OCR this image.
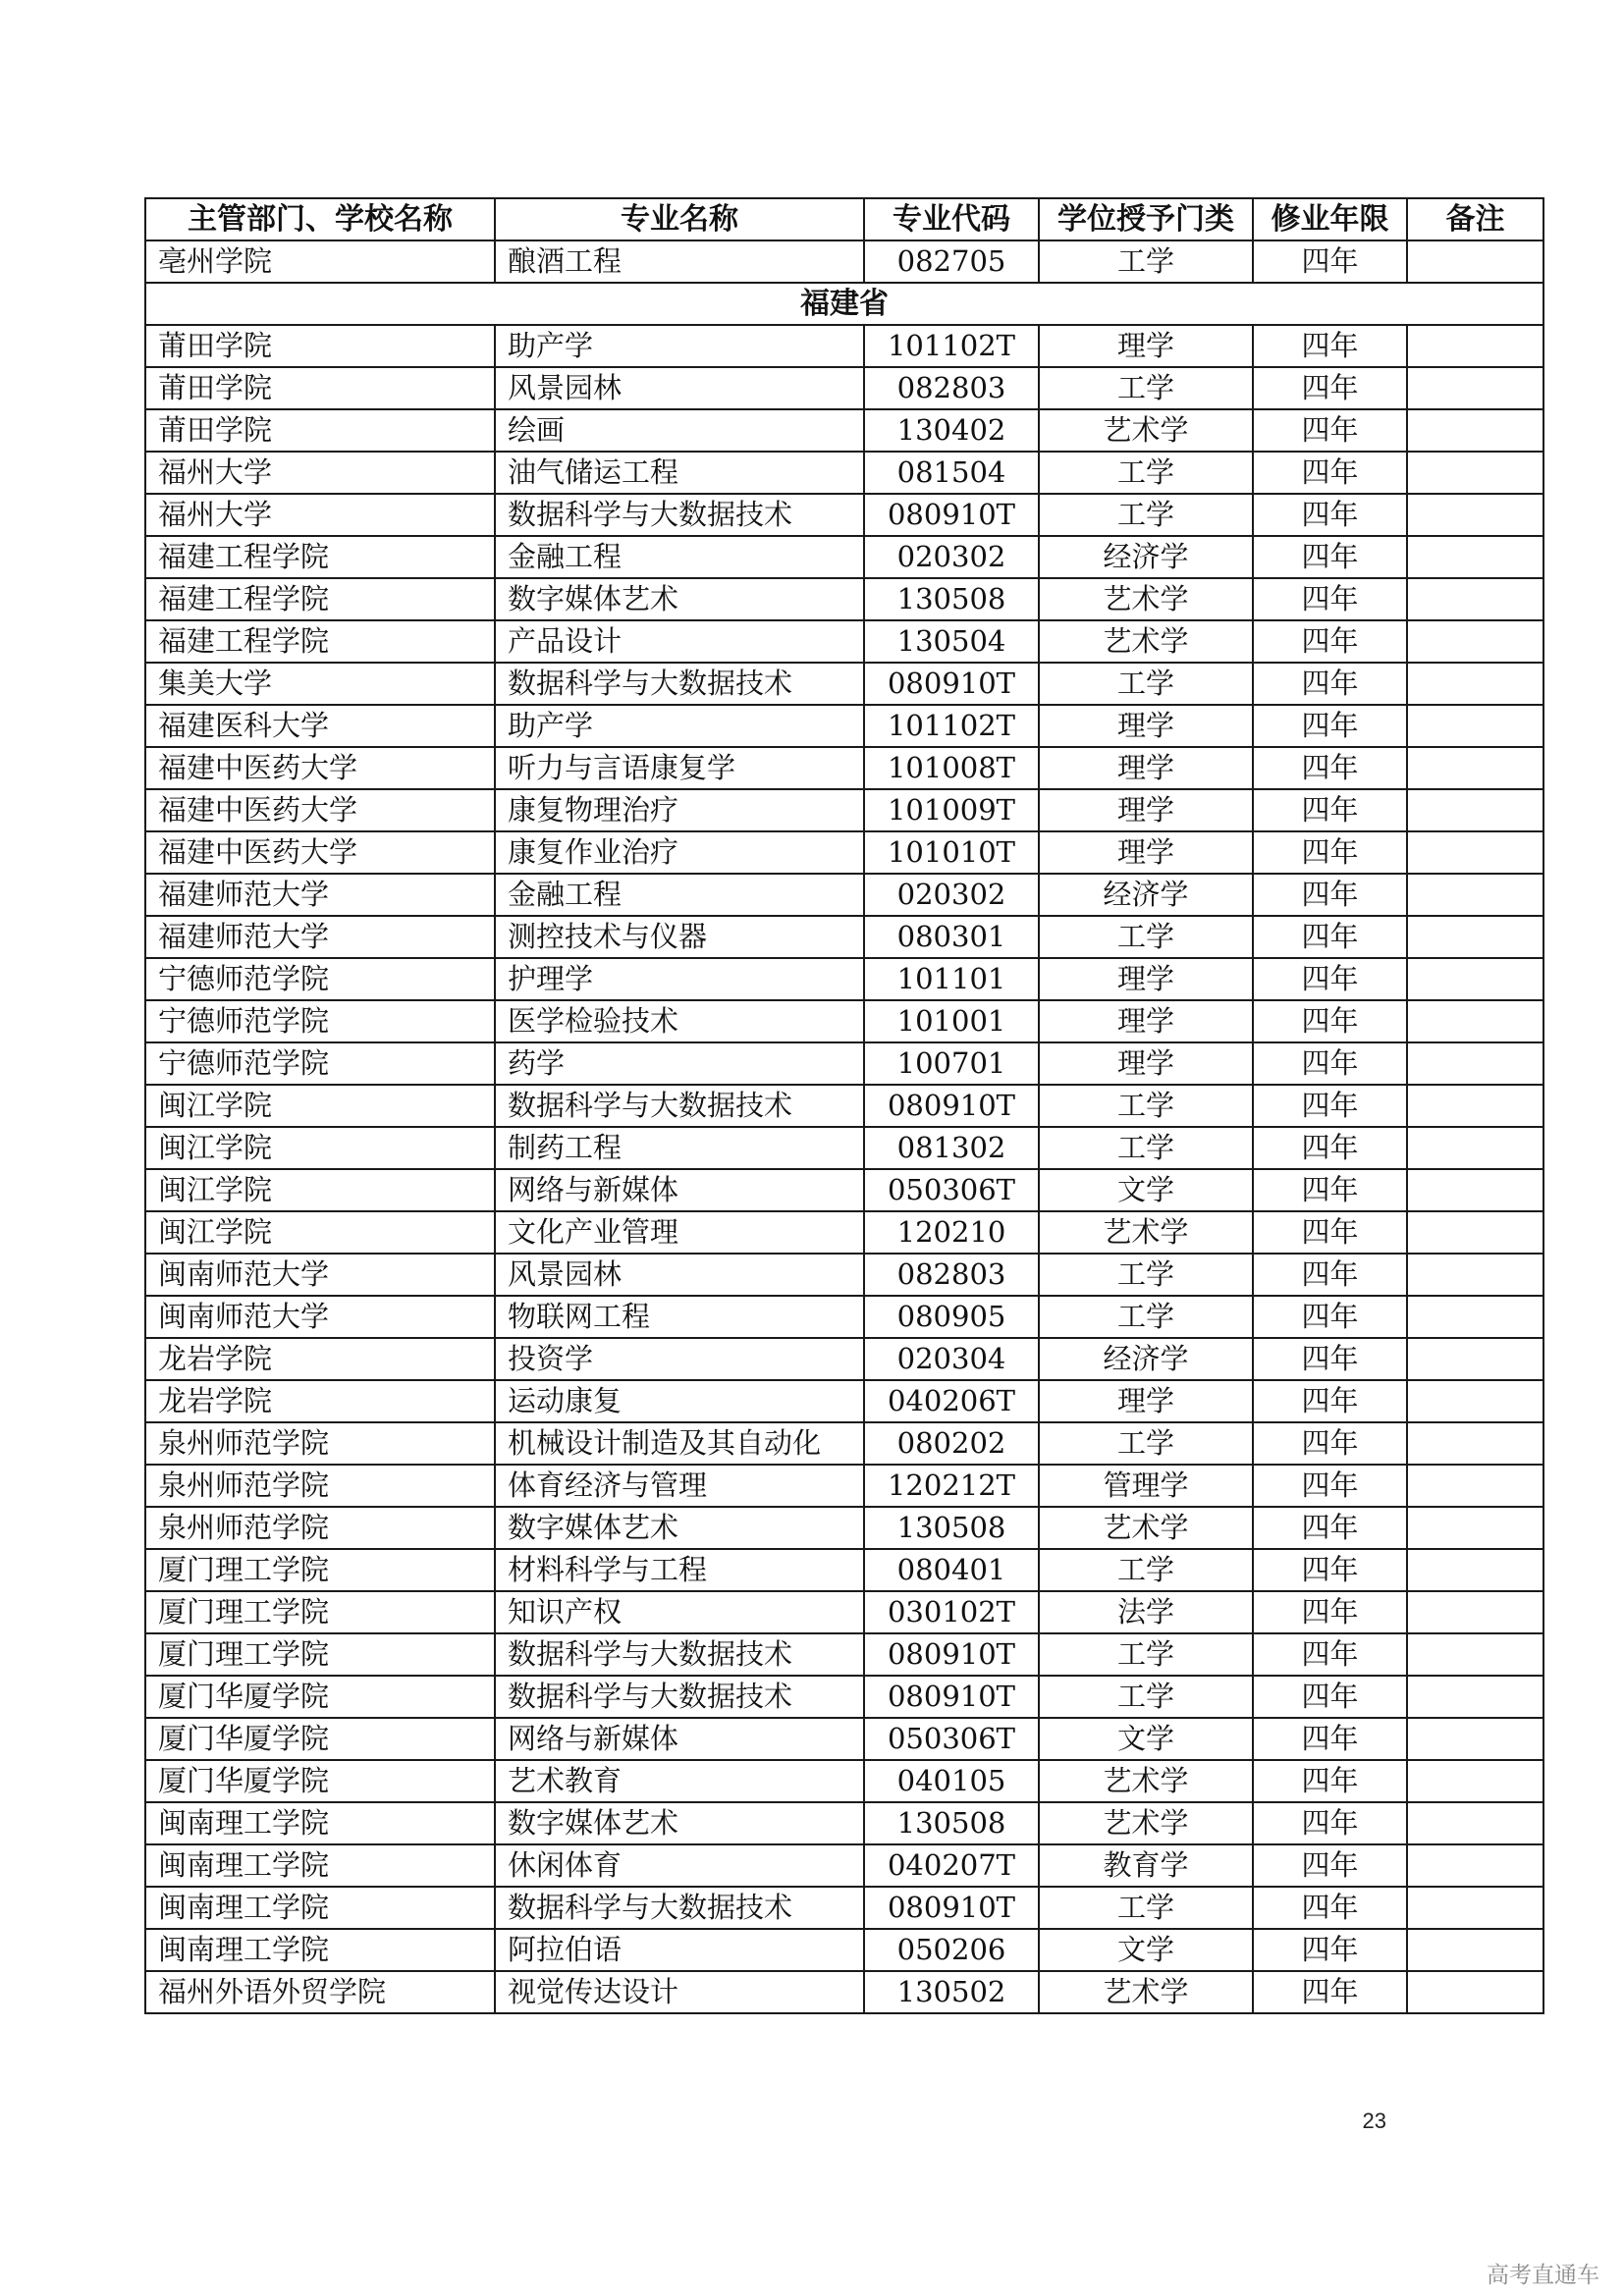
主管部门、学校名称	专业名称	专业代码	学位授予门类	修业年限	备注
亳州学院	酿酒工程	082705	工学	四年	
福建省					
莆田学院	助产学	101102T	理学	四年	
莆田学院	风景园林	082803	工学	四年	
莆田学院	绘画	130402	艺术学	四年	
福州大学	油气储运工程	081504	工学	四年	
福州大学	数据科学与大数据技术	080910T	工学	四年	
福建工程学院	金融工程	020302	经济学	四年	
福建工程学院	数字媒体艺术	130508	艺术学	四年	
福建工程学院	产品设计	130504	艺术学	四年	
集美大学	数据科学与大数据技术	080910T	工学	四年	
福建医科大学	助产学	101102T	理学	四年	
福建中医药大学	听力与言语康复学	101008T	理学	四年	
福建中医药大学	康复物理治疗	101009T	理学	四年	
福建中医药大学	康复作业治疗	101010T	理学	四年	
福建师范大学	金融工程	020302	经济学	四年	
福建师范大学	测控技术与仪器	080301	工学	四年	
宁德师范学院	护理学	101101	理学	四年	
宁德师范学院	医学检验技术	101001	理学	四年	
宁德师范学院	药学	100701	理学	四年	
闽江学院	数据科学与大数据技术	080910T	工学	四年	
闽江学院	制药工程	081302	工学	四年	
闽江学院	网络与新媒体	050306T	文学	四年	
闽江学院	文化产业管理	120210	艺术学	四年	
闽南师范大学	风景园林	082803	工学	四年	
闽南师范大学	物联网工程	080905	工学	四年	
龙岩学院	投资学	020304	经济学	四年	
龙岩学院	运动康复	040206T	理学	四年	
泉州师范学院	机械设计制造及其自动化	080202	工学	四年	
泉州师范学院	体育经济与管理	120212T	管理学	四年	
泉州师范学院	数字媒体艺术	130508	艺术学	四年	
厦门理工学院	材料科学与工程	080401	工学	四年	
厦门理工学院	知识产权	030102T	法学	四年	
厦门理工学院	数据科学与大数据技术	080910T	工学	四年	
厦门华厦学院	数据科学与大数据技术	080910T	工学	四年	
厦门华厦学院	网络与新媒体	050306T	文学	四年	
厦门华厦学院	艺术教育	040105	艺术学	四年	
闽南理工学院	数字媒体艺术	130508	艺术学	四年	
闽南理工学院	休闲体育	040207T	教育学	四年	
闽南理工学院	数据科学与大数据技术	080910T	工学	四年	
闽南理工学院	阿拉伯语	050206	文学	四年	
福州外语外贸学院	视觉传达设计	130502	艺术学	四年	
23
高考直通车
